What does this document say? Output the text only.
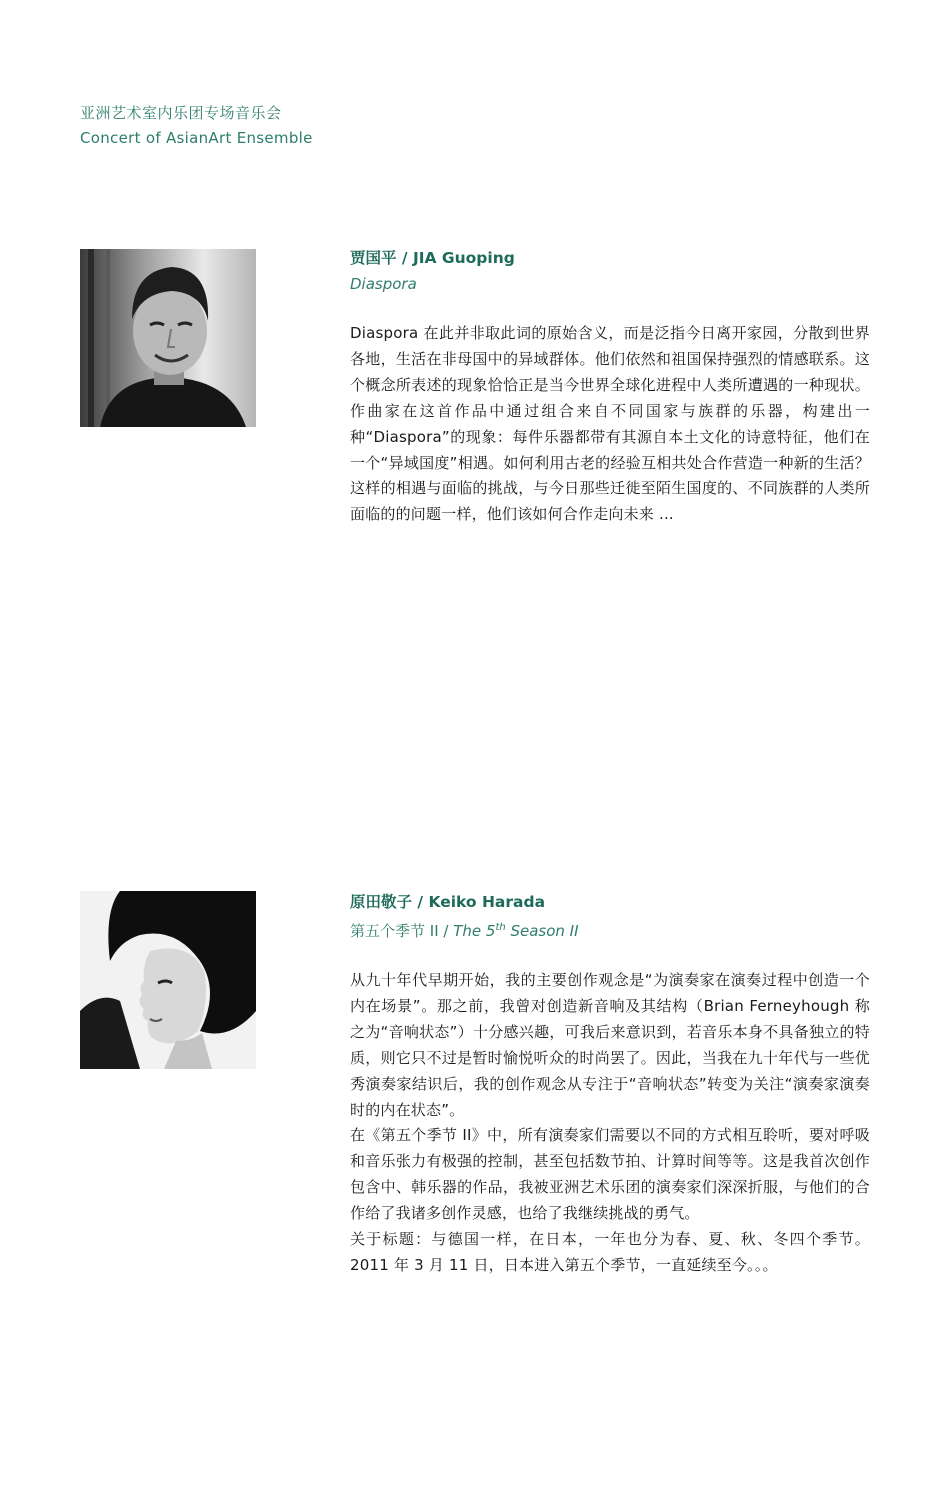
亚洲艺术室内乐团专场音乐会
Concert of AsianArt Ensemble
贾国平 / JIA Guoping
Diaspora

Diaspora 在此并非取此词的原始含义，而是泛指今日离开家园，分散到世界各地，生活在非母国中的异域群体。他们依然和祖国保持强烈的情感联系。这个概念所表述的现象恰恰正是当今世界全球化进程中人类所遭遇的一种现状。作曲家在这首作品中通过组合来自不同国家与族群的乐器，构建出一种“Diaspora”的现象：每件乐器都带有其源自本土文化的诗意特征，他们在一个“异域国度”相遇。如何利用古老的经验互相共处合作营造一种新的生活？这样的相遇与面临的挑战，与今日那些迁徙至陌生国度的、不同族群的人类所面临的的问题一样，他们该如何合作走向未来 ...

原田敬子 / Keiko Harada
第五个季节 II / The 5th Season II

从九十年代早期开始，我的主要创作观念是“为演奏家在演奏过程中创造一个内在场景”。那之前，我曾对创造新音响及其结构（Brian Ferneyhough 称之为“音响状态”）十分感兴趣，可我后来意识到，若音乐本身不具备独立的特质，则它只不过是暂时愉悦听众的时尚罢了。因此，当我在九十年代与一些优秀演奏家结识后，我的创作观念从专注于“音响状态”转变为关注“演奏家演奏时的内在状态”。

在《第五个季节 II》中，所有演奏家们需要以不同的方式相互聆听，要对呼吸和音乐张力有极强的控制，甚至包括数节拍、计算时间等等。这是我首次创作包含中、韩乐器的作品，我被亚洲艺术乐团的演奏家们深深折服，与他们的合作给了我诸多创作灵感，也给了我继续挑战的勇气。

关于标题：与德国一样，在日本，一年也分为春、夏、秋、冬四个季节。2011 年 3 月 11 日，日本进入第五个季节，一直延续至今。。。
